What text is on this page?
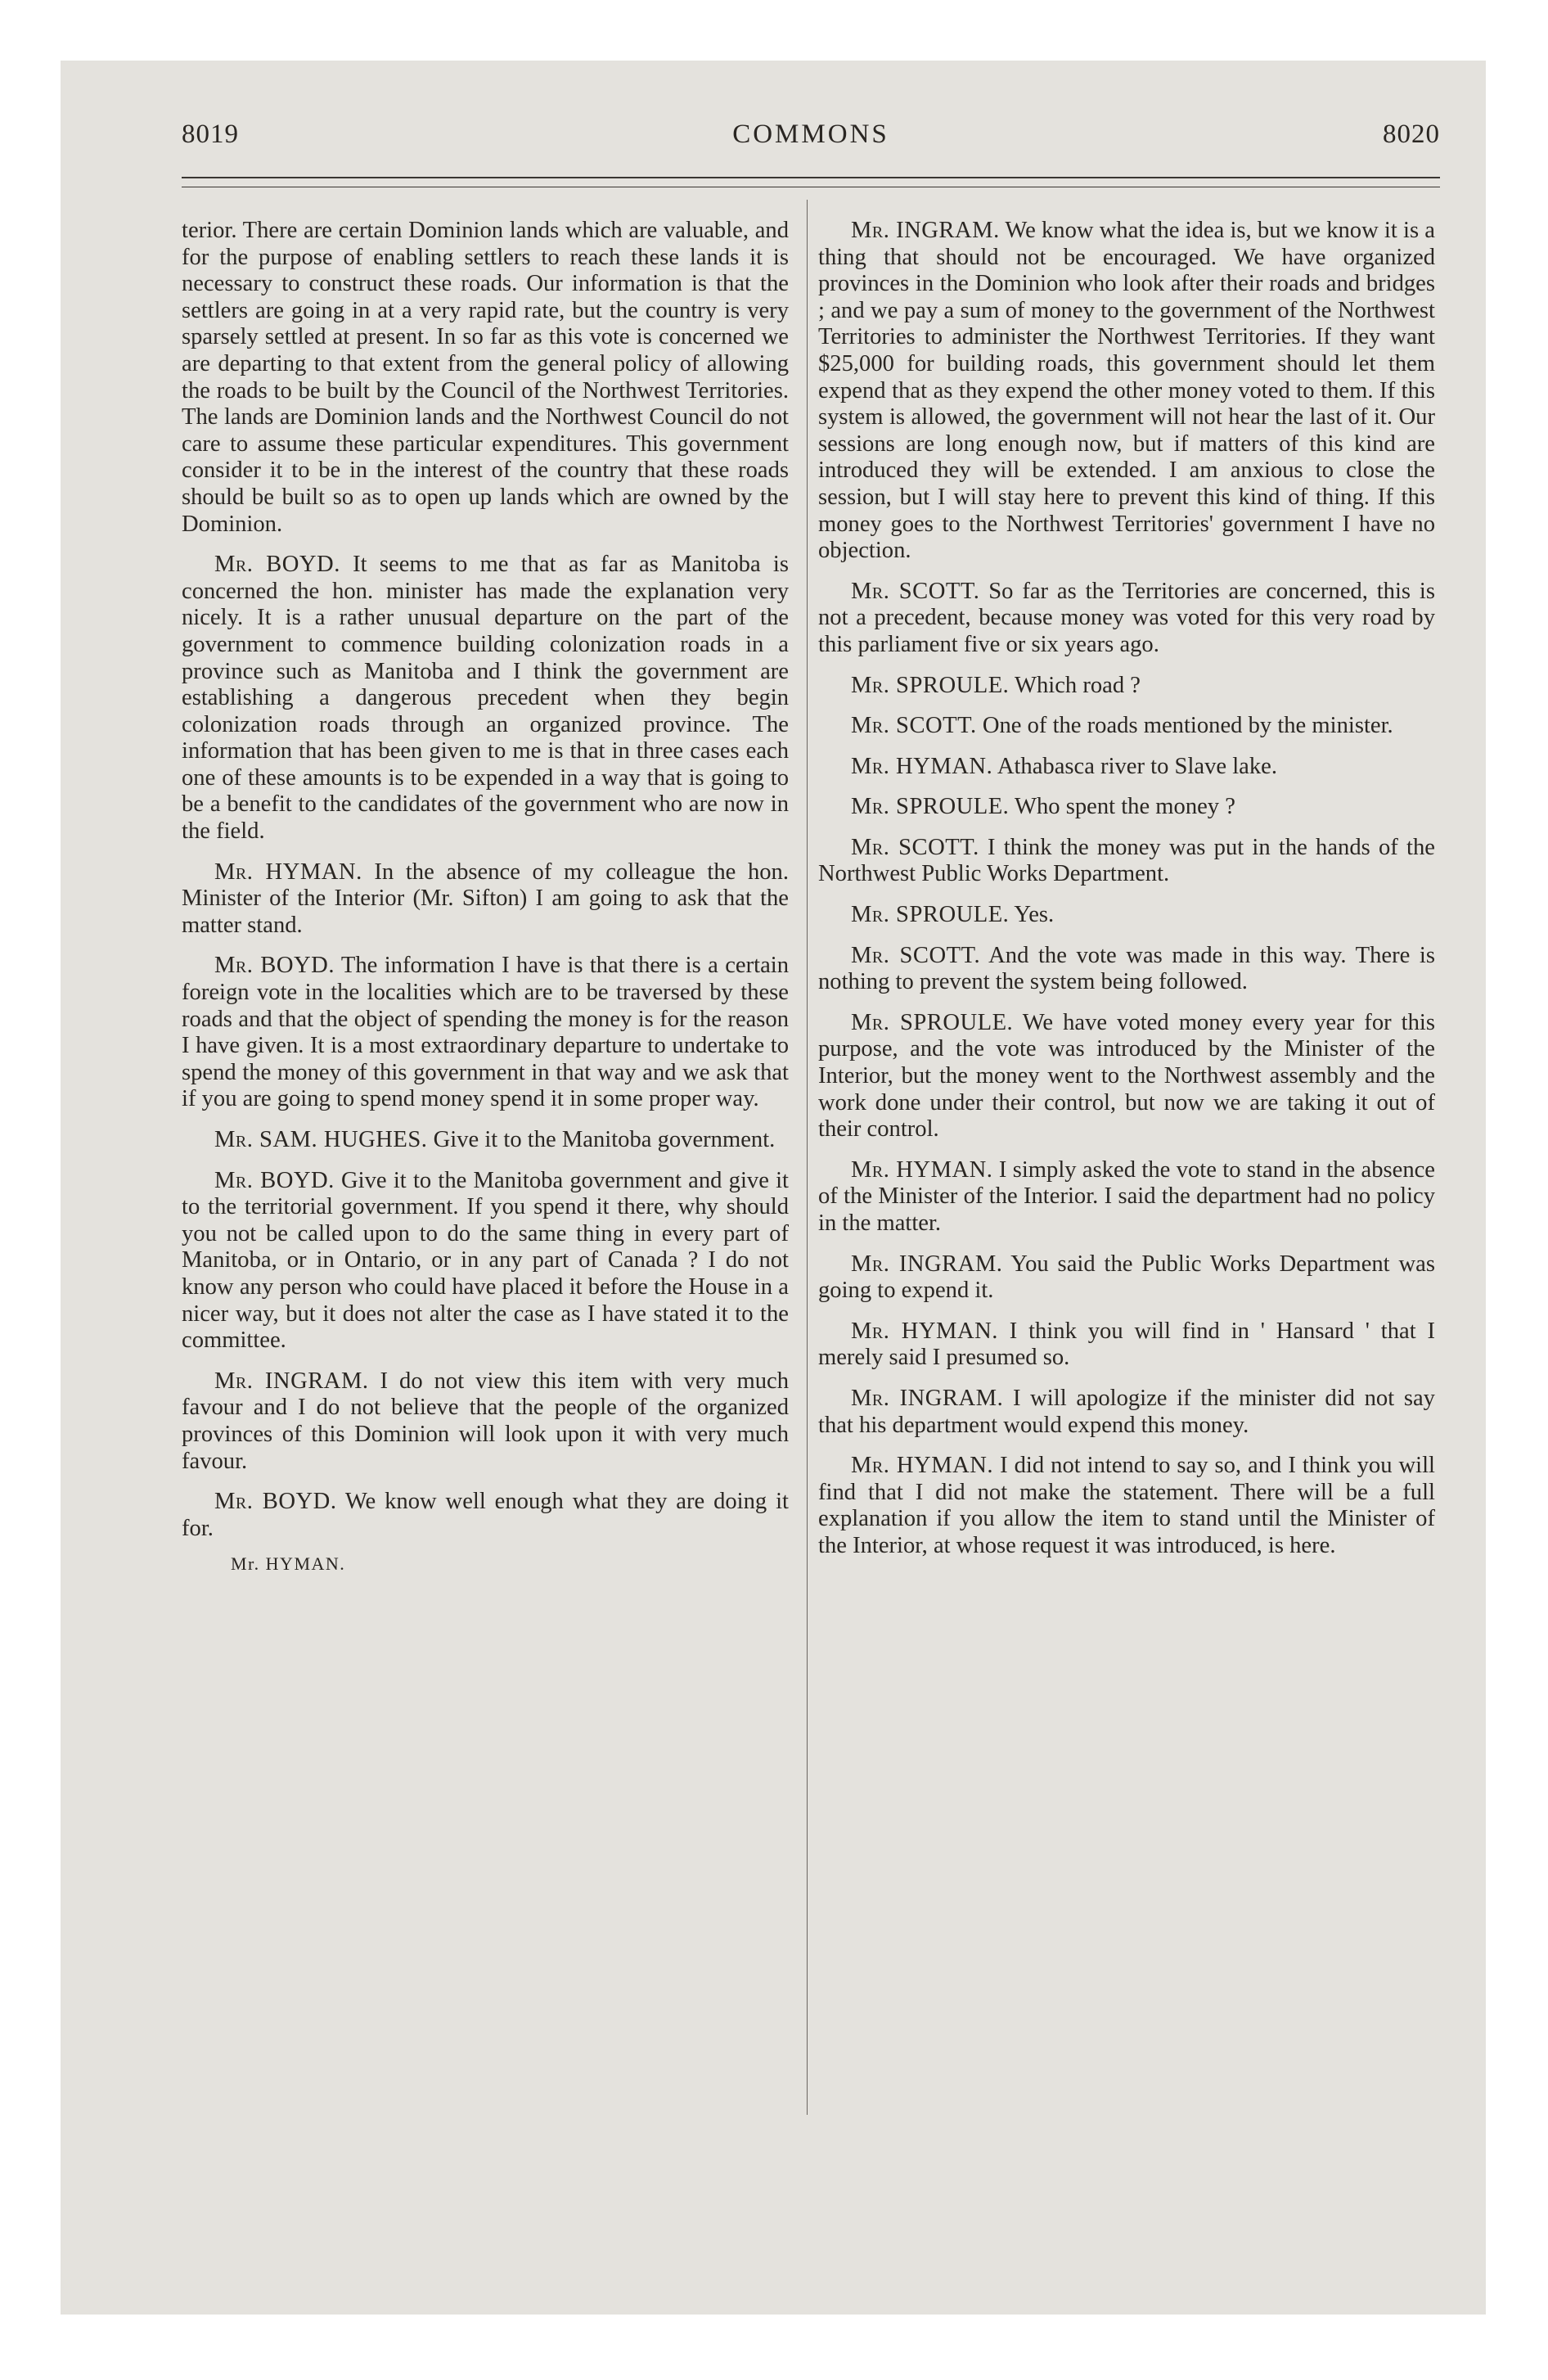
8019	COMMONS	8020

terior. There are certain Dominion lands which are valuable, and for the purpose of enabling settlers to reach these lands it is necessary to construct these roads. Our information is that the settlers are going in at a very rapid rate, but the country is very sparsely settled at present. In so far as this vote is concerned we are departing to that extent from the general policy of allowing the roads to be built by the Council of the Northwest Territories. The lands are Dominion lands and the Northwest Council do not care to assume these particular expenditures. This government consider it to be in the interest of the country that these roads should be built so as to open up lands which are owned by the Dominion.

Mr. BOYD. It seems to me that as far as Manitoba is concerned the hon. minister has made the explanation very nicely. It is a rather unusual departure on the part of the government to commence building colonization roads in a province such as Manitoba and I think the government are establishing a dangerous precedent when they begin colonization roads through an organized province. The information that has been given to me is that in three cases each one of these amounts is to be expended in a way that is going to be a benefit to the candidates of the government who are now in the field.

Mr. HYMAN. In the absence of my colleague the hon. Minister of the Interior (Mr. Sifton) I am going to ask that the matter stand.

Mr. BOYD. The information I have is that there is a certain foreign vote in the localities which are to be traversed by these roads and that the object of spending the money is for the reason I have given. It is a most extraordinary departure to undertake to spend the money of this government in that way and we ask that if you are going to spend money spend it in some proper way.

Mr. SAM. HUGHES. Give it to the Manitoba government.

Mr. BOYD. Give it to the Manitoba government and give it to the territorial government. If you spend it there, why should you not be called upon to do the same thing in every part of Manitoba, or in Ontario, or in any part of Canada ? I do not know any person who could have placed it before the House in a nicer way, but it does not alter the case as I have stated it to the committee.

Mr. INGRAM. I do not view this item with very much favour and I do not believe that the people of the organized provinces of this Dominion will look upon it with very much favour.

Mr. BOYD. We know well enough what they are doing it for.

Mr. HYMAN.

Mr. INGRAM. We know what the idea is, but we know it is a thing that should not be encouraged. We have organized provinces in the Dominion who look after their roads and bridges ; and we pay a sum of money to the government of the Northwest Territories to administer the Northwest Territories. If they want $25,000 for building roads, this government should let them expend that as they expend the other money voted to them. If this system is allowed, the government will not hear the last of it. Our sessions are long enough now, but if matters of this kind are introduced they will be extended. I am anxious to close the session, but I will stay here to prevent this kind of thing. If this money goes to the Northwest Territories' government I have no objection.

Mr. SCOTT. So far as the Territories are concerned, this is not a precedent, because money was voted for this very road by this parliament five or six years ago.

Mr. SPROULE. Which road ?

Mr. SCOTT. One of the roads mentioned by the minister.

Mr. HYMAN. Athabasca river to Slave lake.

Mr. SPROULE. Who spent the money ?

Mr. SCOTT. I think the money was put in the hands of the Northwest Public Works Department.

Mr. SPROULE. Yes.

Mr. SCOTT. And the vote was made in this way. There is nothing to prevent the system being followed.

Mr. SPROULE. We have voted money every year for this purpose, and the vote was introduced by the Minister of the Interior, but the money went to the Northwest assembly and the work done under their control, but now we are taking it out of their control.

Mr. HYMAN. I simply asked the vote to stand in the absence of the Minister of the Interior. I said the department had no policy in the matter.

Mr. INGRAM. You said the Public Works Department was going to expend it.

Mr. HYMAN. I think you will find in ' Hansard ' that I merely said I presumed so.

Mr. INGRAM. I will apologize if the minister did not say that his department would expend this money.

Mr. HYMAN. I did not intend to say so, and I think you will find that I did not make the statement. There will be a full explanation if you allow the item to stand until the Minister of the Interior, at whose request it was introduced, is here.
